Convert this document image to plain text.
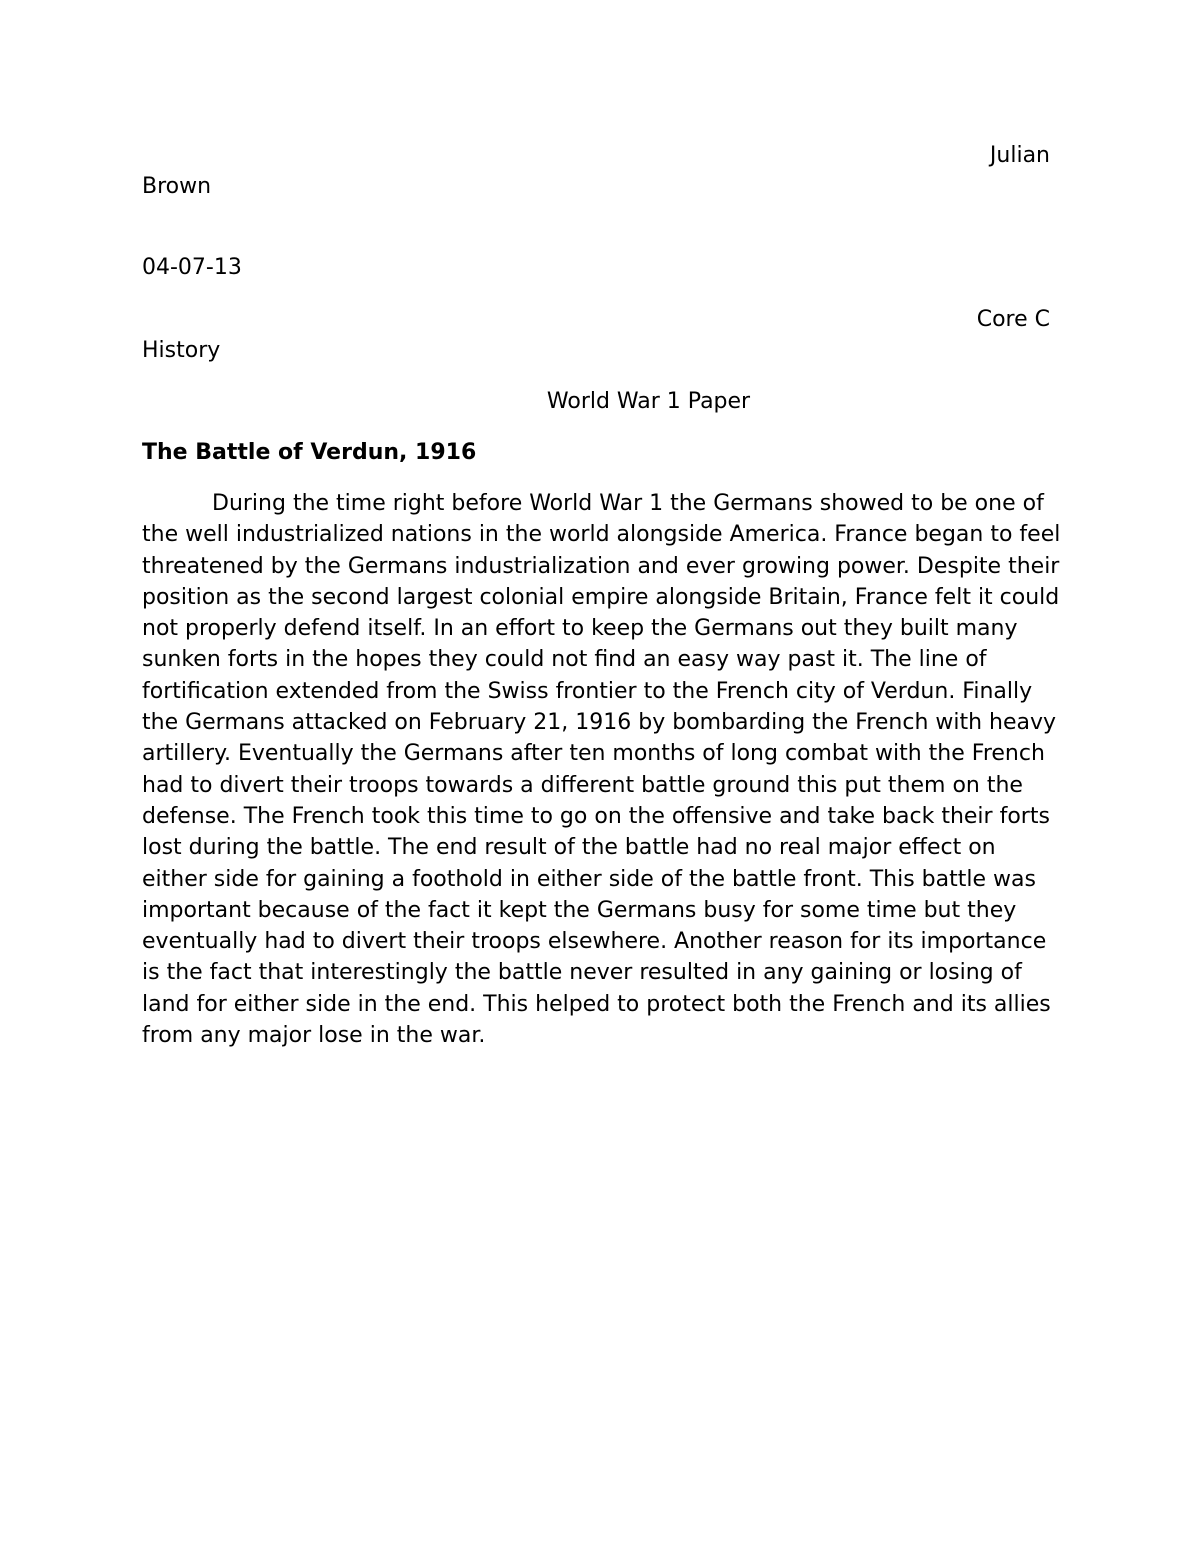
Julian
Brown
04-07-13
Core C
History
World War 1 Paper
The Battle of Verdun, 1916

During the time right before World War 1 the Germans showed to be one of the well industrialized nations in the world alongside America. France began to feel threatened by the Germans industrialization and ever growing power. Despite their position as the second largest colonial empire alongside Britain, France felt it could not properly defend itself. In an effort to keep the Germans out they built many sunken forts in the hopes they could not find an easy way past it. The line of fortification extended from the Swiss frontier to the French city of Verdun. Finally the Germans attacked on February 21, 1916 by bombarding the French with heavy artillery. Eventually the Germans after ten months of long combat with the French had to divert their troops towards a different battle ground this put them on the defense. The French took this time to go on the offensive and take back their forts lost during the battle. The end result of the battle had no real major effect on either side for gaining a foothold in either side of the battle front. This battle was important because of the fact it kept the Germans busy for some time but they eventually had to divert their troops elsewhere. Another reason for its importance is the fact that interestingly the battle never resulted in any gaining or losing of land for either side in the end. This helped to protect both the French and its allies from any major lose in the war.
